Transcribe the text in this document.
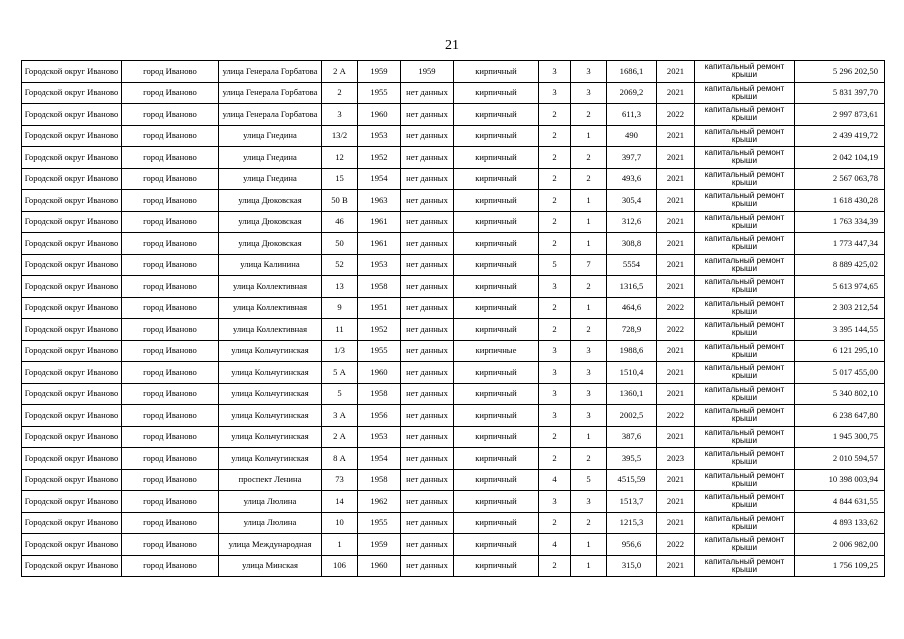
21
Городской округ Иваново	город Иваново	улица Генерала Горбатова	2 А	1959	1959	кирпичный	3	3	1686,1	2021	капитальный ремонт крыши	5 296 202,50
Городской округ Иваново	город Иваново	улица Генерала Горбатова	2	1955	нет данных	кирпичный	3	3	2069,2	2021	капитальный ремонт крыши	5 831 397,70
Городской округ Иваново	город Иваново	улица Генерала Горбатова	3	1960	нет данных	кирпичный	2	2	611,3	2022	капитальный ремонт крыши	2 997 873,61
Городской округ Иваново	город Иваново	улица Гнедина	13/2	1953	нет данных	кирпичный	2	1	490	2021	капитальный ремонт крыши	2 439 419,72
Городской округ Иваново	город Иваново	улица Гнедина	12	1952	нет данных	кирпичный	2	2	397,7	2021	капитальный ремонт крыши	2 042 104,19
Городской округ Иваново	город Иваново	улица Гнедина	15	1954	нет данных	кирпичный	2	2	493,6	2021	капитальный ремонт крыши	2 567 063,78
Городской округ Иваново	город Иваново	улица Дюковская	50 В	1963	нет данных	кирпичный	2	1	305,4	2021	капитальный ремонт крыши	1 618 430,28
Городской округ Иваново	город Иваново	улица Дюковская	46	1961	нет данных	кирпичный	2	1	312,6	2021	капитальный ремонт крыши	1 763 334,39
Городской округ Иваново	город Иваново	улица Дюковская	50	1961	нет данных	кирпичный	2	1	308,8	2021	капитальный ремонт крыши	1 773 447,34
Городской округ Иваново	город Иваново	улица Калинина	52	1953	нет данных	кирпичный	5	7	5554	2021	капитальный ремонт крыши	8 889 425,02
Городской округ Иваново	город Иваново	улица Коллективная	13	1958	нет данных	кирпичный	3	2	1316,5	2021	капитальный ремонт крыши	5 613 974,65
Городской округ Иваново	город Иваново	улица Коллективная	9	1951	нет данных	кирпичный	2	1	464,6	2022	капитальный ремонт крыши	2 303 212,54
Городской округ Иваново	город Иваново	улица Коллективная	11	1952	нет данных	кирпичный	2	2	728,9	2022	капитальный ремонт крыши	3 395 144,55
Городской округ Иваново	город Иваново	улица Кольчугинская	1/3	1955	нет данных	кирпичные	3	3	1988,6	2021	капитальный ремонт крыши	6 121 295,10
Городской округ Иваново	город Иваново	улица Кольчугинская	5 А	1960	нет данных	кирпичный	3	3	1510,4	2021	капитальный ремонт крыши	5 017 455,00
Городской округ Иваново	город Иваново	улица Кольчугинская	5	1958	нет данных	кирпичный	3	3	1360,1	2021	капитальный ремонт крыши	5 340 802,10
Городской округ Иваново	город Иваново	улица Кольчугинская	3 А	1956	нет данных	кирпичный	3	3	2002,5	2022	капитальный ремонт крыши	6 238 647,80
Городской округ Иваново	город Иваново	улица Кольчугинская	2 А	1953	нет данных	кирпичный	2	1	387,6	2021	капитальный ремонт крыши	1 945 300,75
Городской округ Иваново	город Иваново	улица Кольчугинская	8 А	1954	нет данных	кирпичный	2	2	395,5	2023	капитальный ремонт крыши	2 010 594,57
Городской округ Иваново	город Иваново	проспект Ленина	73	1958	нет данных	кирпичный	4	5	4515,59	2021	капитальный ремонт крыши	10 398 003,94
Городской округ Иваново	город Иваново	улица Люлина	14	1962	нет данных	кирпичный	3	3	1513,7	2021	капитальный ремонт крыши	4 844 631,55
Городской округ Иваново	город Иваново	улица Люлина	10	1955	нет данных	кирпичный	2	2	1215,3	2021	капитальный ремонт крыши	4 893 133,62
Городской округ Иваново	город Иваново	улица Международная	1	1959	нет данных	кирпичный	4	1	956,6	2022	капитальный ремонт крыши	2 006 982,00
Городской округ Иваново	город Иваново	улица Минская	106	1960	нет данных	кирпичный	2	1	315,0	2021	капитальный ремонт крыши	1 756 109,25
